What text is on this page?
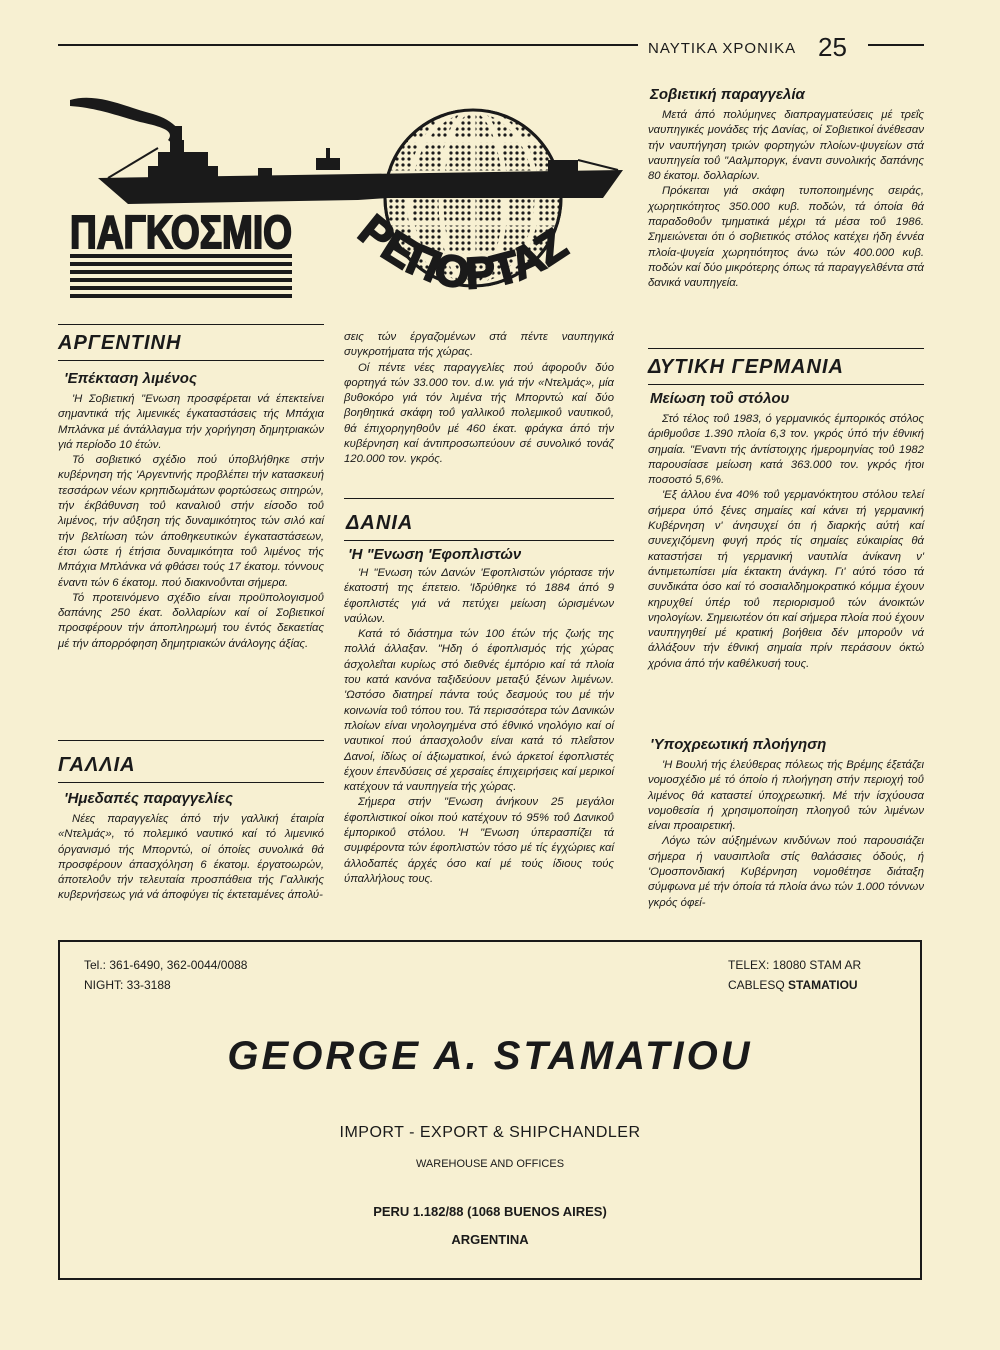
ΝΑΥΤΙΚΑ ΧΡΟΝΙΚΑ 25
ΠΑΓΚΟΣΜΙΟ ΡΕΠΟΡΤΑΖ
ΑΡΓΕΝΤΙΝΗ
'Επέκταση λιμένος

'Η Σοβιετική "Ενωση προσφέρεται νά έπεκτείνει σημαντικά τής λιμενικές έγκαταστάσεις τής Μπάχια Μπλάνκα μέ άντάλλαγμα τήν χορήγηση δημητριακών γιά περίοδο 10 έτών.

Τό σοβιετικό σχέδιο πού ύποβλήθηκε στήν κυβέρνηση τής 'Αργεντινής προβλέπει τήν κατασκευή τεσσάρων νέων κρηπιδωμάτων φορτώσεως σιτηρών, τήν έκβάθυνση τοΰ καναλιοΰ στήν είσοδο τοΰ λιμένος, τήν αΰξηση τής δυναμικότητος τών σιλό καί τήν βελτίωση τών άποθηκευτικών έγκαταστάσεων, έτσι ώστε ή έτήσια δυναμικότητα τοΰ λιμένος τής Μπάχια Μπλάνκα νά φθάσει τούς 17 έκατομ. τόννους έναντι τών 6 έκατομ. πού διακινοΰνται σήμερα.

Τό προτεινόμενο σχέδιο είναι προϋπολογισμοΰ δαπάνης 250 έκατ. δολλαρίων καί οί Σοβιετικοί προσφέρουν τήν άποπληρωμή του έντός δεκαετίας μέ τήν άπορρόφηση δημητριακών άνάλογης άξίας.

ΓΑΛΛΙΑ
'Ημεδαπές παραγγελίες

Νέες παραγγελίες άπό τήν γαλλική έταιρία «Ντελμάς», τό πολεμικό ναυτικό καί τό λιμενικό όργανισμό τής Μπορντώ, οί όποίες συνολικά θά προσφέρουν άπασχόληση 6 έκατομ. έργατοωρών, άποτελοΰν τήν τελευταία προσπάθεια τής Γαλλικής κυβερνήσεως γιά νά άποφύγει τίς έκτεταμένες άπολύ-

σεις τών έργαζομένων στά πέντε ναυπηγικά συγκροτήματα τής χώρας.

Οί πέντε νέες παραγγελίες πού άφοροΰν δύο φορτηγά τών 33.000 τον. d.w. γιά τήν «Ντελμάς», μία βυθοκόρο γιά τόν λιμένα τής Μπορντώ καί δύο βοηθητικά σκάφη τοΰ γαλλικοΰ πολεμικοΰ ναυτικοΰ, θά έπιχορηγηθοΰν μέ 460 έκατ. φράγκα άπό τήν κυβέρνηση καί άντιπροσωπεύουν σέ συνολικό τονάζ 120.000 τον. γκρός.

ΔΑΝΙΑ
'Η "Ενωση 'Εφοπλιστών

'Η "Ενωση τών Δανών 'Εφοπλιστών γιόρτασε τήν έκατοστή της έπετειο. 'Ιδρύθηκε τό 1884 άπό 9 έφοπλιστές γιά νά πετύχει μείωση ώρισμένων ναύλων.

Κατά τό διάστημα τών 100 έτών τής ζωής της πολλά άλλαξαν. "Ηδη ό έφοπλισμός τής χώρας άσχολεΐται κυρίως στό διεθνές έμπόριο καί τά πλοία του κατά κανόνα ταξιδεύουν μεταξύ ξένων λιμένων. 'Ωστόσο διατηρεί πάντα τούς δεσμούς του μέ τήν κοινωνία τοΰ τόπου του. Τά περισσότερα τών Δανικών πλοίων είναι νηολογημένα στό έθνικό νηολόγιο καί οί ναυτικοί πού άπασχολοΰν είναι κατά τό πλεΐστον Δανοί, ίδίως οί άξιωματικοί, ένώ άρκετοί έφοπλιστές έχουν έπενδύσεις σέ χερσαίες έπιχειρήσεις καί μερικοί κατέχουν τά ναυπηγεία τής χώρας.

Σήμερα στήν "Ενωση άνήκουν 25 μεγάλοι έφοπλιστικοί οίκοι πού κατέχουν τό 95% τοΰ Δανικοΰ έμπορικοΰ στόλου. 'Η "Ενωση ύπερασπίζει τά συμφέροντα τών έφοπλιστών τόσο μέ τίς έγχώριες καί άλλοδαπές άρχές όσο καί μέ τούς ίδιους τούς ύπαλλήλους τους.

Σοβιετική παραγγελία

Μετά άπό πολύμηνες διαπραγματεύσεις μέ τρεΐς ναυπηγικές μονάδες τής Δανίας, οί Σοβιετικοί άνέθεσαν τήν ναυπήγηση τριών φορτηγών πλοίων-ψυγείων στά ναυπηγεία τοΰ "Ααλμποργκ, έναντι συνολικής δαπάνης 80 έκατομ. δολλαρίων.

Πρόκειται γιά σκάφη τυποποιημένης σειράς, χωρητικότητος 350.000 κυβ. ποδών, τά όποία θά παραδοθοΰν τμηματικά μέχρι τά μέσα τοΰ 1986. Σημειώνεται ότι ό σοβιετικός στόλος κατέχει ήδη έννέα πλοία-ψυγεία χωρητιότητος άνω τών 400.000 κυβ. ποδών καί δύο μικρότερης όπως τά παραγγελθέντα στά δανικά ναυπηγεία.

ΔΥΤΙΚΗ ΓΕΡΜΑΝΙΑ
Μείωση τοΰ στόλου

Στό τέλος τοΰ 1983, ό γερμανικός έμπορικός στόλος άριθμοΰσε 1.390 πλοία 6,3 τον. γκρός ύπό τήν έθνική σημαία. "Εναντι τής άντίστοιχης ήμερομηνίας τοΰ 1982 παρουσίασε μείωση κατά 363.000 τον. γκρός ήτοι ποσοστό 5,6%.

'Εξ άλλου ένα 40% τοΰ γερμανόκτητου στόλου τελεί σήμερα ύπό ξένες σημαίες καί κάνει τή γερμανική Κυβέρνηση ν' άνησυχεί ότι ή διαρκής αύτή καί συνεχιζόμενη φυγή πρός τίς σημαίες εύκαιρίας θά καταστήσει τή γερμανική ναυτιλία άνίκανη ν' άντιμετωπίσει μία έκτακτη άνάγκη. Γι' αύτό τόσο τά συνδικάτα όσο καί τό σοσιαλδημοκρατικό κόμμα έχουν κηρυχθεί ύπέρ τοΰ περιορισμοΰ τών άνοικτών νηολογίων. Σημειωτέον ότι καί σήμερα πλοία πού έχουν ναυπηγηθεί μέ κρατική βοήθεια δέν μποροΰν νά άλλάξουν τήν έθνική σημαία πρίν περάσουν όκτώ χρόνια άπό τήν καθέλκυσή τους.

'Υποχρεωτική πλοήγηση

'Η Βουλή τής έλεύθερας πόλεως τής Βρέμης έξετάζει νομοσχέδιο μέ τό όποίο ή πλοήγηση στήν περιοχή τοΰ λιμένος θά καταστεί ύποχρεωτική. Μέ τήν ίσχύουσα νομοθεσία ή χρησιμοποίηση πλοηγοΰ τών λιμένων είναι προαιρετική.

Λόγω τών αύξημένων κινδύνων πού παρουσιάζει σήμερα ή ναυσιπλοΐα στίς θαλάσσιες όδούς, ή 'Ομοσπονδιακή Κυβέρνηση νομοθέτησε διάταξη σύμφωνα μέ τήν όποία τά πλοία άνω τών 1.000 τόννων γκρός όφεί-

Tel.: 361-6490, 362-0044/0088
NIGHT: 33-3188
TELEX: 18080 STAM AR
CABLESQ STAMATIOU
GEORGE A. STAMATIOU
IMPORT - EXPORT & SHIPCHANDLER
WAREHOUSE AND OFFICES
PERU 1.182/88 (1068 BUENOS AIRES)
ARGENTINA
